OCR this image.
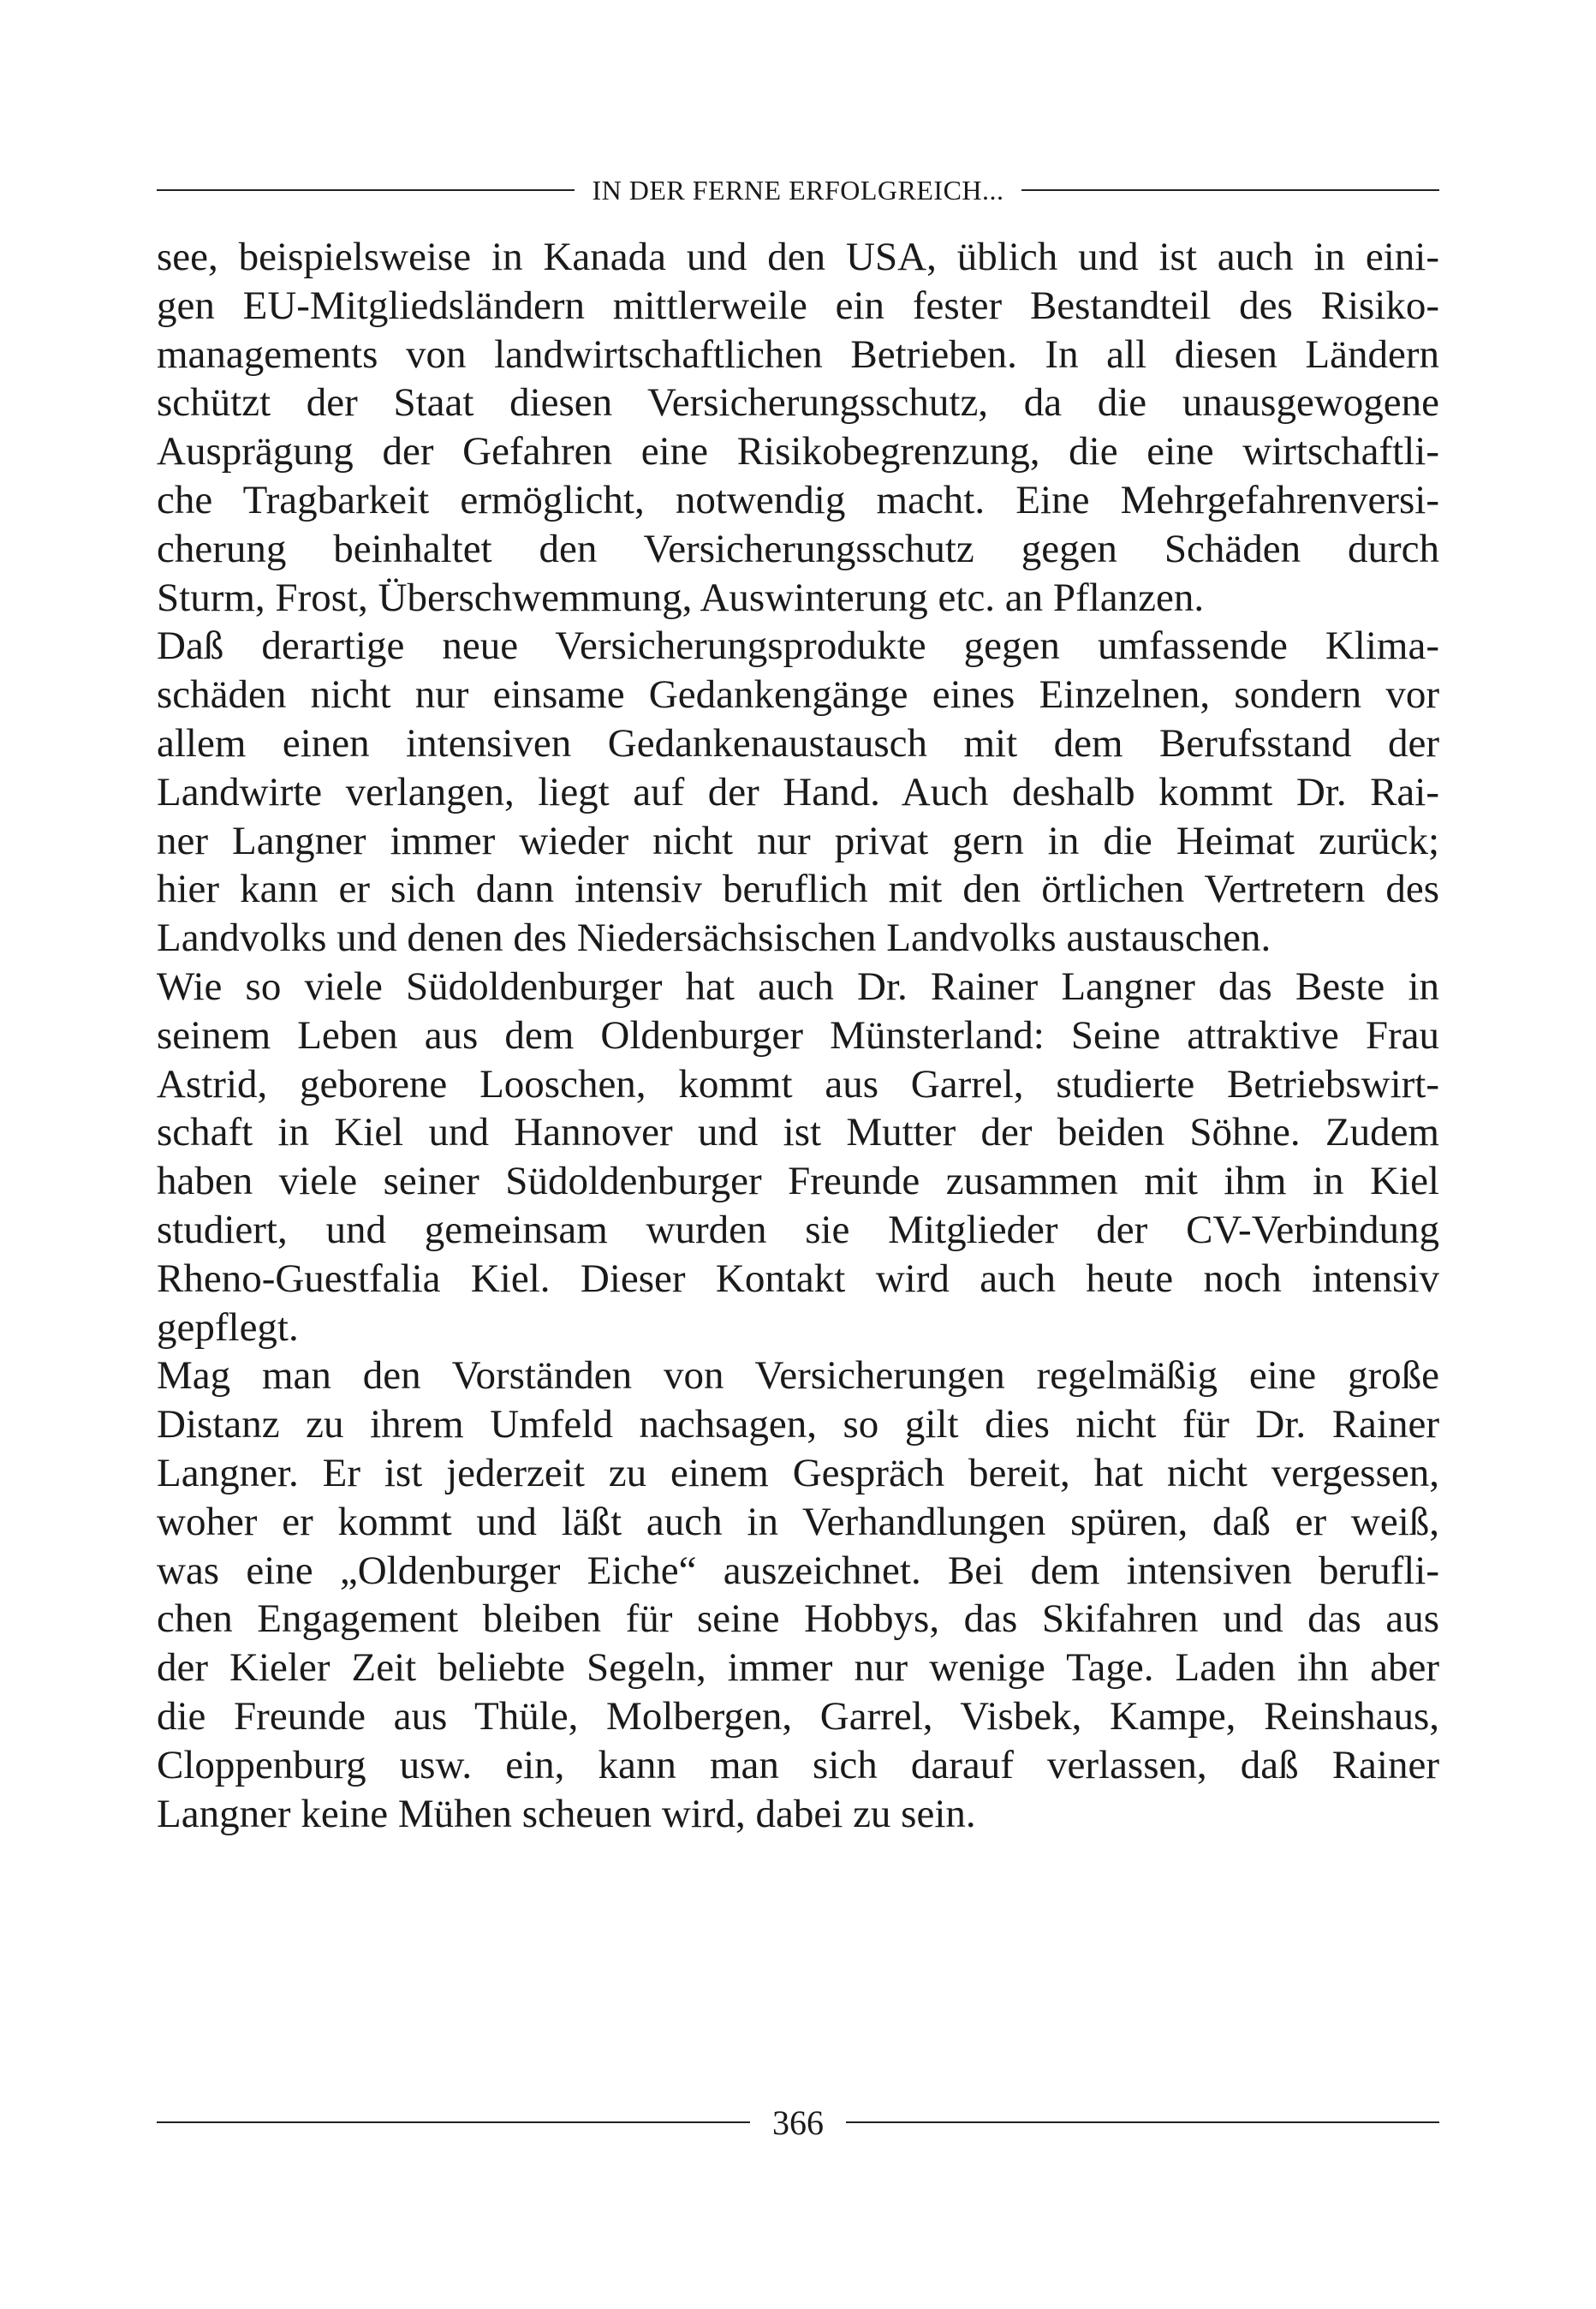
IN DER FERNE ERFOLGREICH...

see, beispielsweise in Kanada und den USA, üblich und ist auch in eini-
gen EU-Mitgliedsländern mittlerweile ein fester Bestandteil des Risiko-
managements von landwirtschaftlichen Betrieben. In all diesen Ländern
schützt der Staat diesen Versicherungsschutz, da die unausgewogene
Ausprägung der Gefahren eine Risikobegrenzung, die eine wirtschaftli-
che Tragbarkeit ermöglicht, notwendig macht. Eine Mehrgefahrenversi-
cherung beinhaltet den Versicherungsschutz gegen Schäden durch
Sturm, Frost, Überschwemmung, Auswinterung etc. an Pflanzen.

Daß derartige neue Versicherungsprodukte gegen umfassende Klima-
schäden nicht nur einsame Gedankengänge eines Einzelnen, sondern vor
allem einen intensiven Gedankenaustausch mit dem Berufsstand der
Landwirte verlangen, liegt auf der Hand. Auch deshalb kommt Dr. Rai-
ner Langner immer wieder nicht nur privat gern in die Heimat zurück;
hier kann er sich dann intensiv beruflich mit den örtlichen Vertretern des
Landvolks und denen des Niedersächsischen Landvolks austauschen.

Wie so viele Südoldenburger hat auch Dr. Rainer Langner das Beste in
seinem Leben aus dem Oldenburger Münsterland: Seine attraktive Frau
Astrid, geborene Looschen, kommt aus Garrel, studierte Betriebswirt-
schaft in Kiel und Hannover und ist Mutter der beiden Söhne. Zudem
haben viele seiner Südoldenburger Freunde zusammen mit ihm in Kiel
studiert, und gemeinsam wurden sie Mitglieder der CV-Verbindung
Rheno-Guestfalia Kiel. Dieser Kontakt wird auch heute noch intensiv
gepflegt.

Mag man den Vorständen von Versicherungen regelmäßig eine große
Distanz zu ihrem Umfeld nachsagen, so gilt dies nicht für Dr. Rainer
Langner. Er ist jederzeit zu einem Gespräch bereit, hat nicht vergessen,
woher er kommt und läßt auch in Verhandlungen spüren, daß er weiß,
was eine „Oldenburger Eiche“ auszeichnet. Bei dem intensiven berufli-
chen Engagement bleiben für seine Hobbys, das Skifahren und das aus
der Kieler Zeit beliebte Segeln, immer nur wenige Tage. Laden ihn aber
die Freunde aus Thüle, Molbergen, Garrel, Visbek, Kampe, Reinshaus,
Cloppenburg usw. ein, kann man sich darauf verlassen, daß Rainer
Langner keine Mühen scheuen wird, dabei zu sein.

366
